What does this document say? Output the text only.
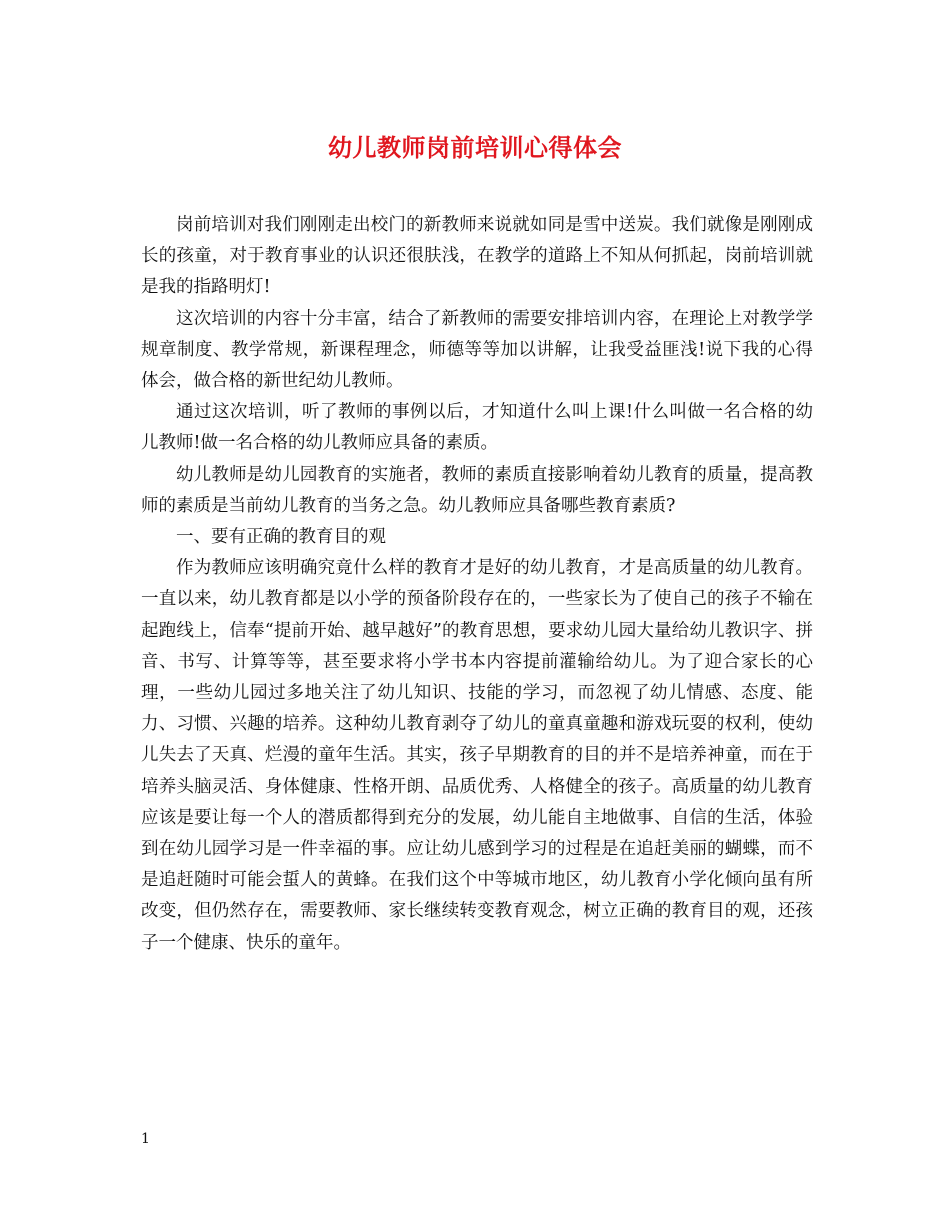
幼儿教师岗前培训心得体会

岗前培训对我们刚刚走出校门的新教师来说就如同是雪中送炭。我们就像是刚刚成长的孩童，对于教育事业的认识还很肤浅，在教学的道路上不知从何抓起，岗前培训就是我的指路明灯!

这次培训的内容十分丰富，结合了新教师的需要安排培训内容，在理论上对教学学规章制度、教学常规，新课程理念，师德等等加以讲解，让我受益匪浅!说下我的心得体会，做合格的新世纪幼儿教师。

通过这次培训，听了教师的事例以后，才知道什么叫上课!什么叫做一名合格的幼儿教师!做一名合格的幼儿教师应具备的素质。

幼儿教师是幼儿园教育的实施者，教师的素质直接影响着幼儿教育的质量，提高教师的素质是当前幼儿教育的当务之急。幼儿教师应具备哪些教育素质?

一、要有正确的教育目的观

作为教师应该明确究竟什么样的教育才是好的幼儿教育，才是高质量的幼儿教育。一直以来，幼儿教育都是以小学的预备阶段存在的，一些家长为了使自己的孩子不输在起跑线上，信奉“提前开始、越早越好”的教育思想，要求幼儿园大量给幼儿教识字、拼音、书写、计算等等，甚至要求将小学书本内容提前灌输给幼儿。为了迎合家长的心理，一些幼儿园过多地关注了幼儿知识、技能的学习，而忽视了幼儿情感、态度、能力、习惯、兴趣的培养。这种幼儿教育剥夺了幼儿的童真童趣和游戏玩耍的权利，使幼儿失去了天真、烂漫的童年生活。其实，孩子早期教育的目的并不是培养神童，而在于培养头脑灵活、身体健康、性格开朗、品质优秀、人格健全的孩子。高质量的幼儿教育应该是要让每一个人的潜质都得到充分的发展，幼儿能自主地做事、自信的生活，体验到在幼儿园学习是一件幸福的事。应让幼儿感到学习的过程是在追赶美丽的蝴蝶，而不是追赶随时可能会蜇人的黄蜂。在我们这个中等城市地区，幼儿教育小学化倾向虽有所改变，但仍然存在，需要教师、家长继续转变教育观念，树立正确的教育目的观，还孩子一个健康、快乐的童年。

1
